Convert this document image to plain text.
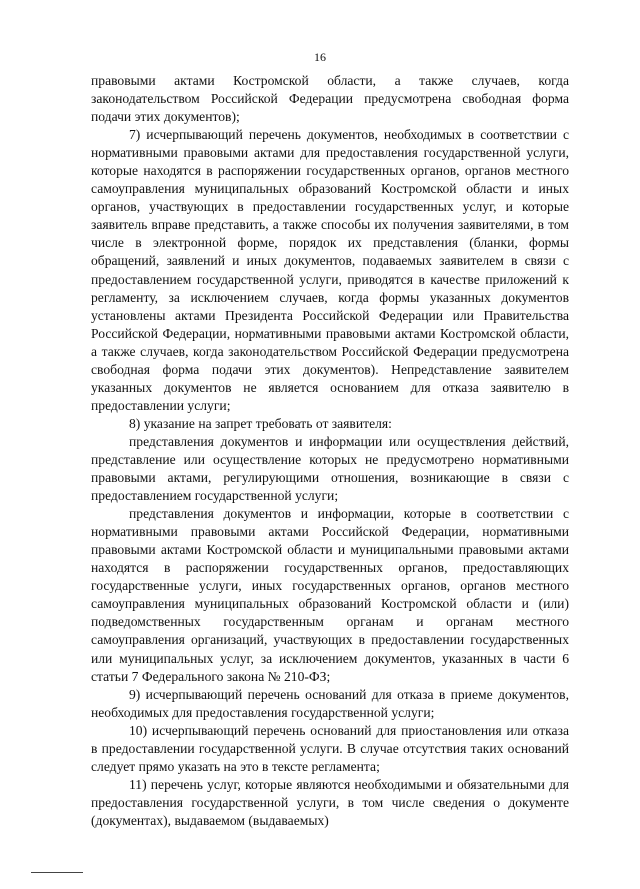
16

правовыми актами Костромской области, а также случаев, когда законодательством Российской Федерации предусмотрена свободная форма подачи этих документов);

7) исчерпывающий перечень документов, необходимых в соответствии с нормативными правовыми актами для предоставления государственной услуги, которые находятся в распоряжении государственных органов, органов местного самоуправления муниципальных образований Костромской области и иных органов, участвующих в предоставлении государственных услуг, и которые заявитель вправе представить, а также способы их получения заявителями, в том числе в электронной форме, порядок их представления (бланки, формы обращений, заявлений и иных документов, подаваемых заявителем в связи с предоставлением государственной услуги, приводятся в качестве приложений к регламенту, за исключением случаев, когда формы указанных документов установлены актами Президента Российской Федерации или Правительства Российской Федерации, нормативными правовыми актами Костромской области, а также случаев, когда законодательством Российской Федерации предусмотрена свободная форма подачи этих документов). Непредставление заявителем указанных документов не является основанием для отказа заявителю в предоставлении услуги;

8) указание на запрет требовать от заявителя:

представления документов и информации или осуществления действий, представление или осуществление которых не предусмотрено нормативными правовыми актами, регулирующими отношения, возникающие в связи с предоставлением государственной услуги;

представления документов и информации, которые в соответствии с нормативными правовыми актами Российской Федерации, нормативными правовыми актами Костромской области и муниципальными правовыми актами находятся в распоряжении государственных органов, предоставляющих государственные услуги, иных государственных органов, органов местного самоуправления муниципальных образований Костромской области и (или) подведомственных государственным органам и органам местного самоуправления организаций, участвующих в предоставлении государственных или муниципальных услуг, за исключением документов, указанных в части 6 статьи 7 Федерального закона № 210-ФЗ;

9) исчерпывающий перечень оснований для отказа в приеме документов, необходимых для предоставления государственной услуги;

10) исчерпывающий перечень оснований для приостановления или отказа в предоставлении государственной услуги. В случае отсутствия таких оснований следует прямо указать на это в тексте регламента;

11) перечень услуг, которые являются необходимыми и обязательными для предоставления государственной услуги, в том числе сведения о документе (документах), выдаваемом (выдаваемых)
